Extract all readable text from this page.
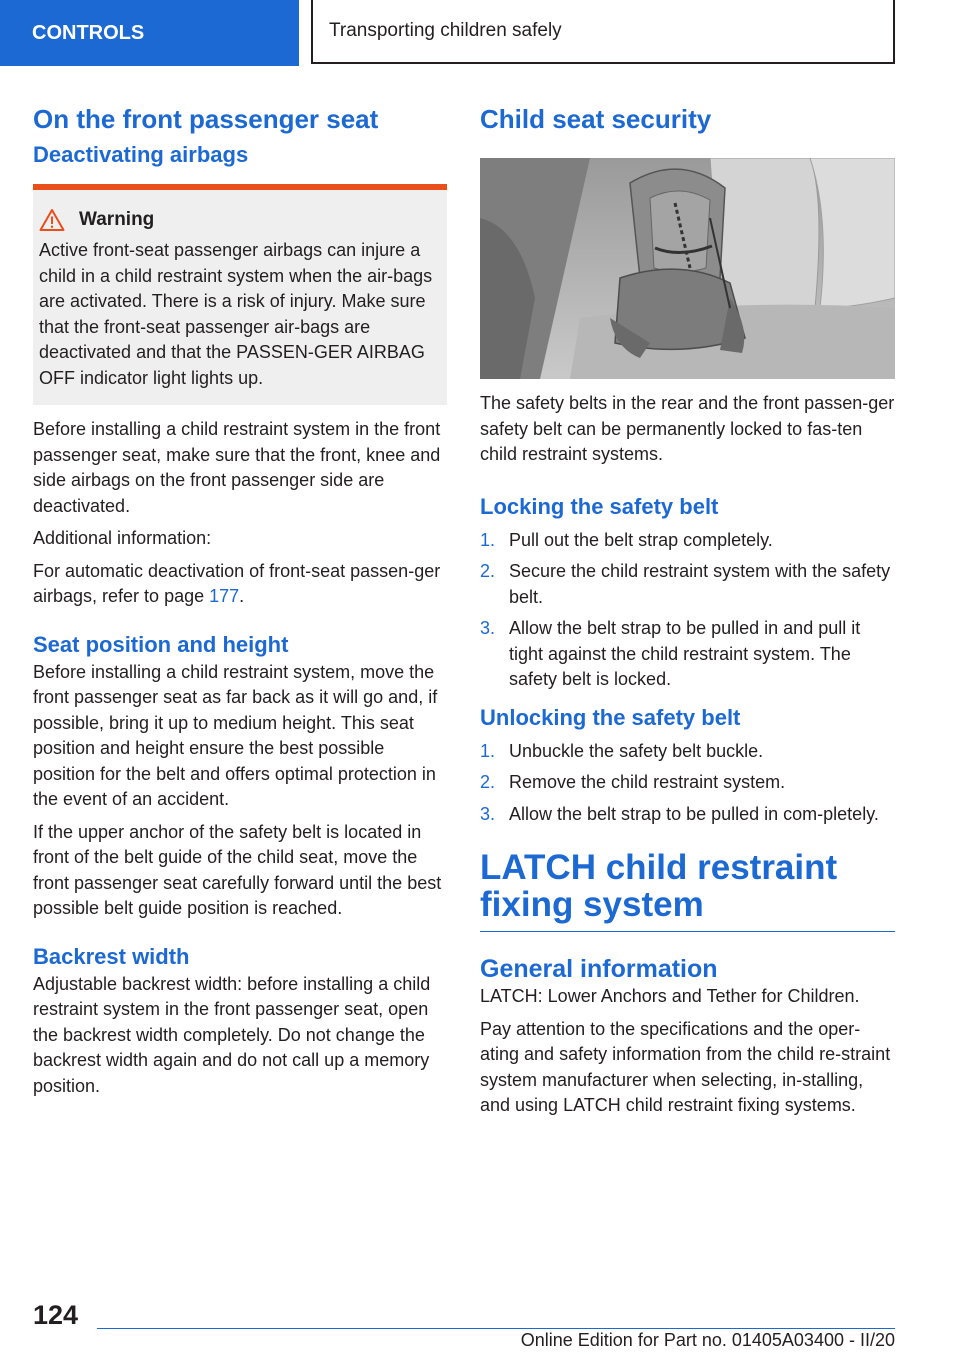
CONTROLS	Transporting children safely
On the front passenger seat
Deactivating airbags
Warning

Active front-seat passenger airbags can injure a child in a child restraint system when the air-bags are activated. There is a risk of injury. Make sure that the front-seat passenger air-bags are deactivated and that the PASSEN-GER AIRBAG OFF indicator light lights up.

Before installing a child restraint system in the front passenger seat, make sure that the front, knee and side airbags on the front passenger side are deactivated.

Additional information:

For automatic deactivation of front-seat passen-ger airbags, refer to page 177.

Seat position and height

Before installing a child restraint system, move the front passenger seat as far back as it will go and, if possible, bring it up to medium height. This seat position and height ensure the best possible position for the belt and offers optimal protection in the event of an accident.

If the upper anchor of the safety belt is located in front of the belt guide of the child seat, move the front passenger seat carefully forward until the best possible belt guide position is reached.

Backrest width

Adjustable backrest width: before installing a child restraint system in the front passenger seat, open the backrest width completely. Do not change the backrest width again and do not call up a memory position.

Child seat security

The safety belts in the rear and the front passen-ger safety belt can be permanently locked to fas-ten child restraint systems.

Locking the safety belt
1. Pull out the belt strap completely.
2. Secure the child restraint system with the safety belt.
3. Allow the belt strap to be pulled in and pull it tight against the child restraint system. The safety belt is locked.
Unlocking the safety belt
1. Unbuckle the safety belt buckle.
2. Remove the child restraint system.
3. Allow the belt strap to be pulled in com-pletely.
LATCH child restraint fixing system
General information

LATCH: Lower Anchors and Tether for Children.

Pay attention to the specifications and the oper-ating and safety information from the child re-straint system manufacturer when selecting, in-stalling, and using LATCH child restraint fixing systems.

124
Online Edition for Part no. 01405A03400 - II/20
